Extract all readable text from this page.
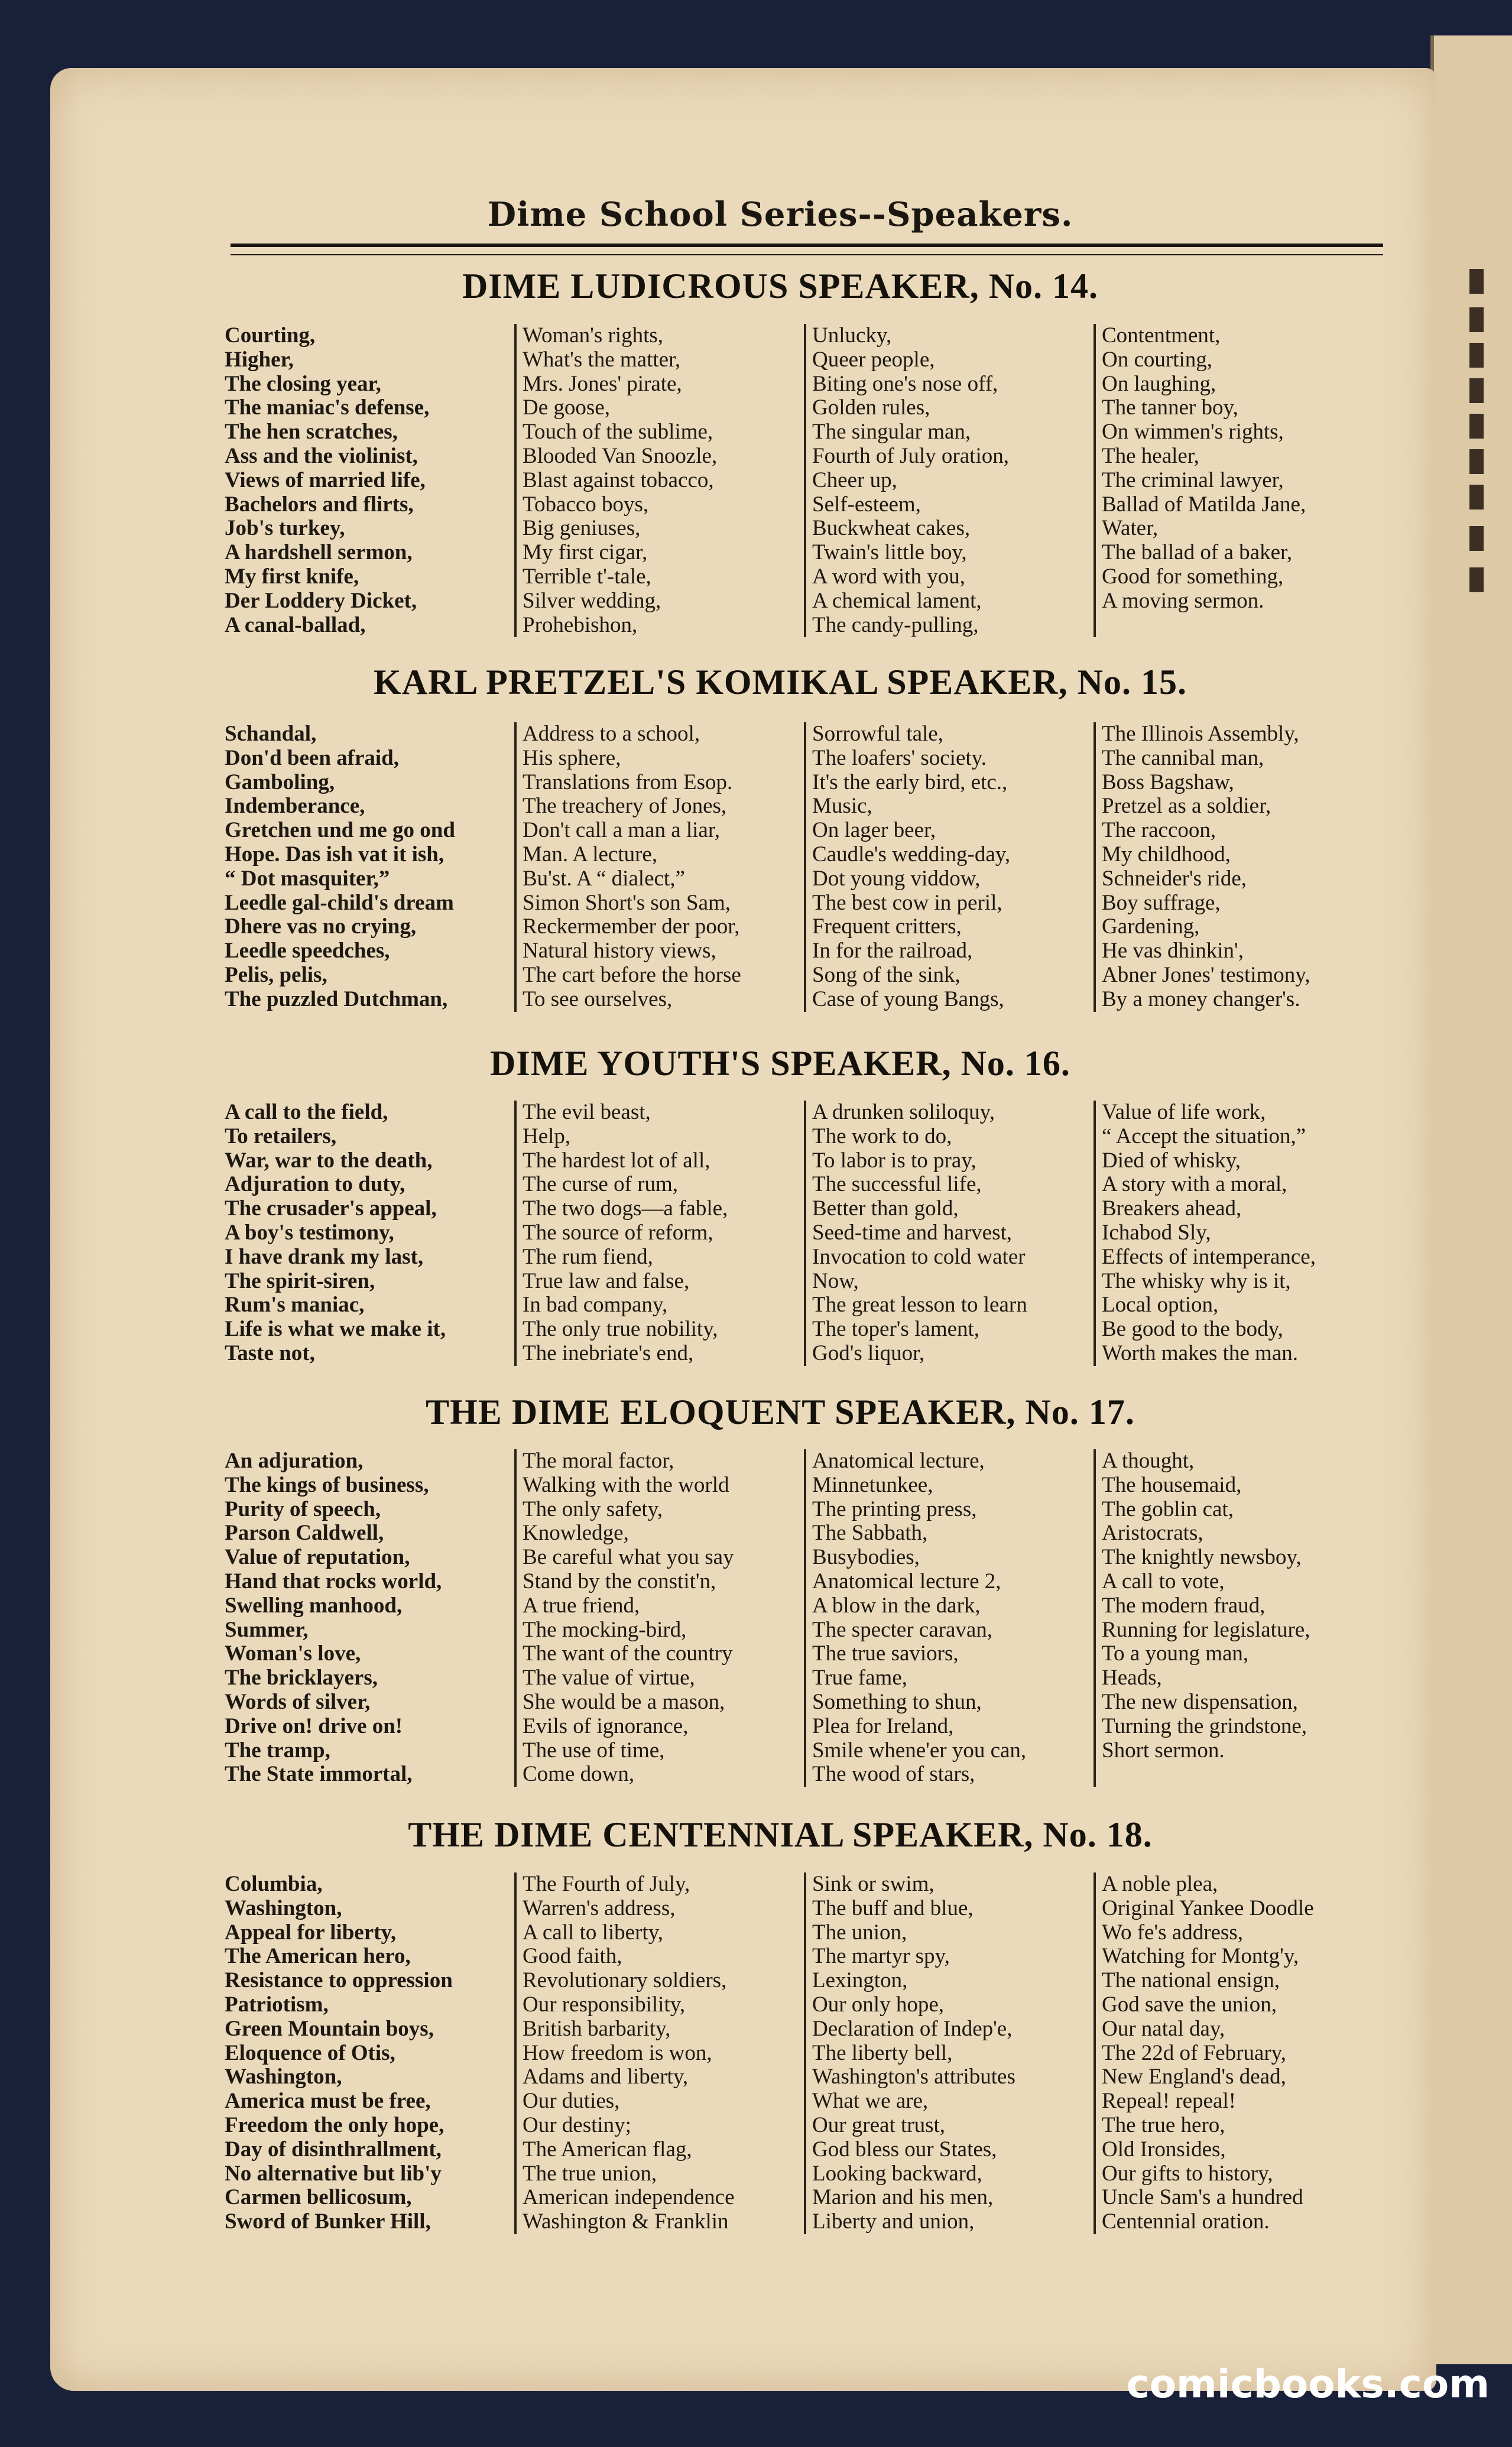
Dime School Series--Speakers.
DIME LUDICROUS SPEAKER, No. 14.
Courting,
Higher,
The closing year,
The maniac's defense,
The hen scratches,
Ass and the violinist,
Views of married life,
Bachelors and flirts,
Job's turkey,
A hardshell sermon,
My first knife,
Der Loddery Dicket,
A canal-ballad,
Woman's rights,
What's the matter,
Mrs. Jones' pirate,
De goose,
Touch of the sublime,
Blooded Van Snoozle,
Blast against tobacco,
Tobacco boys,
Big geniuses,
My first cigar,
Terrible t'-tale,
Silver wedding,
Prohebishon,
Unlucky,
Queer people,
Biting one's nose off,
Golden rules,
The singular man,
Fourth of July oration,
Cheer up,
Self-esteem,
Buckwheat cakes,
Twain's little boy,
A word with you,
A chemical lament,
The candy-pulling,
Contentment,
On courting,
On laughing,
The tanner boy,
On wimmen's rights,
The healer,
The criminal lawyer,
Ballad of Matilda Jane,
Water,
The ballad of a baker,
Good for something,
A moving sermon.
KARL PRETZEL'S KOMIKAL SPEAKER, No. 15.
Schandal,
Don'd been afraid,
Gamboling,
Indemberance,
Gretchen und me go ond
Hope. Das ish vat it ish,
“ Dot masquiter,”
Leedle gal-child's dream
Dhere vas no crying,
Leedle speedches,
Pelis, pelis,
The puzzled Dutchman,
Address to a school,
His sphere,
Translations from Esop.
The treachery of Jones,
Don't call a man a liar,
Man. A lecture,
Bu'st. A “ dialect,”
Simon Short's son Sam,
Reckermember der poor,
Natural history views,
The cart before the horse
To see ourselves,
Sorrowful tale,
The loafers' society.
It's the early bird, etc.,
Music,
On lager beer,
Caudle's wedding-day,
Dot young viddow,
The best cow in peril,
Frequent critters,
In for the railroad,
Song of the sink,
Case of young Bangs,
The Illinois Assembly,
The cannibal man,
Boss Bagshaw,
Pretzel as a soldier,
The raccoon,
My childhood,
Schneider's ride,
Boy suffrage,
Gardening,
He vas dhinkin',
Abner Jones' testimony,
By a money changer's.
DIME YOUTH'S SPEAKER, No. 16.
A call to the field,
To retailers,
War, war to the death,
Adjuration to duty,
The crusader's appeal,
A boy's testimony,
I have drank my last,
The spirit-siren,
Rum's maniac,
Life is what we make it,
Taste not,
The evil beast,
Help,
The hardest lot of all,
The curse of rum,
The two dogs—a fable,
The source of reform,
The rum fiend,
True law and false,
In bad company,
The only true nobility,
The inebriate's end,
A drunken soliloquy,
The work to do,
To labor is to pray,
The successful life,
Better than gold,
Seed-time and harvest,
Invocation to cold water
Now,
The great lesson to learn
The toper's lament,
God's liquor,
Value of life work,
“ Accept the situation,”
Died of whisky,
A story with a moral,
Breakers ahead,
Ichabod Sly,
Effects of intemperance,
The whisky why is it,
Local option,
Be good to the body,
Worth makes the man.
THE DIME ELOQUENT SPEAKER, No. 17.
An adjuration,
The kings of business,
Purity of speech,
Parson Caldwell,
Value of reputation,
Hand that rocks world,
Swelling manhood,
Summer,
Woman's love,
The bricklayers,
Words of silver,
Drive on! drive on!
The tramp,
The State immortal,
The moral factor,
Walking with the world
The only safety,
Knowledge,
Be careful what you say
Stand by the constit'n,
A true friend,
The mocking-bird,
The want of the country
The value of virtue,
She would be a mason,
Evils of ignorance,
The use of time,
Come down,
Anatomical lecture,
Minnetunkee,
The printing press,
The Sabbath,
Busybodies,
Anatomical lecture 2,
A blow in the dark,
The specter caravan,
The true saviors,
True fame,
Something to shun,
Plea for Ireland,
Smile whene'er you can,
The wood of stars,
A thought,
The housemaid,
The goblin cat,
Aristocrats,
The knightly newsboy,
A call to vote,
The modern fraud,
Running for legislature,
To a young man,
Heads,
The new dispensation,
Turning the grindstone,
Short sermon.
THE DIME CENTENNIAL SPEAKER, No. 18.
Columbia,
Washington,
Appeal for liberty,
The American hero,
Resistance to oppression
Patriotism,
Green Mountain boys,
Eloquence of Otis,
Washington,
America must be free,
Freedom the only hope,
Day of disinthrallment,
No alternative but lib'y
Carmen bellicosum,
Sword of Bunker Hill,
The Fourth of July,
Warren's address,
A call to liberty,
Good faith,
Revolutionary soldiers,
Our responsibility,
British barbarity,
How freedom is won,
Adams and liberty,
Our duties,
Our destiny;
The American flag,
The true union,
American independence
Washington & Franklin
Sink or swim,
The buff and blue,
The union,
The martyr spy,
Lexington,
Our only hope,
Declaration of Indep'e,
The liberty bell,
Washington's attributes
What we are,
Our great trust,
God bless our States,
Looking backward,
Marion and his men,
Liberty and union,
A noble plea,
Original Yankee Doodle
Wo fe's address,
Watching for Montg'y,
The national ensign,
God save the union,
Our natal day,
The 22d of February,
New England's dead,
Repeal! repeal!
The true hero,
Old Ironsides,
Our gifts to history,
Uncle Sam's a hundred
Centennial oration.
comicbooks.com
